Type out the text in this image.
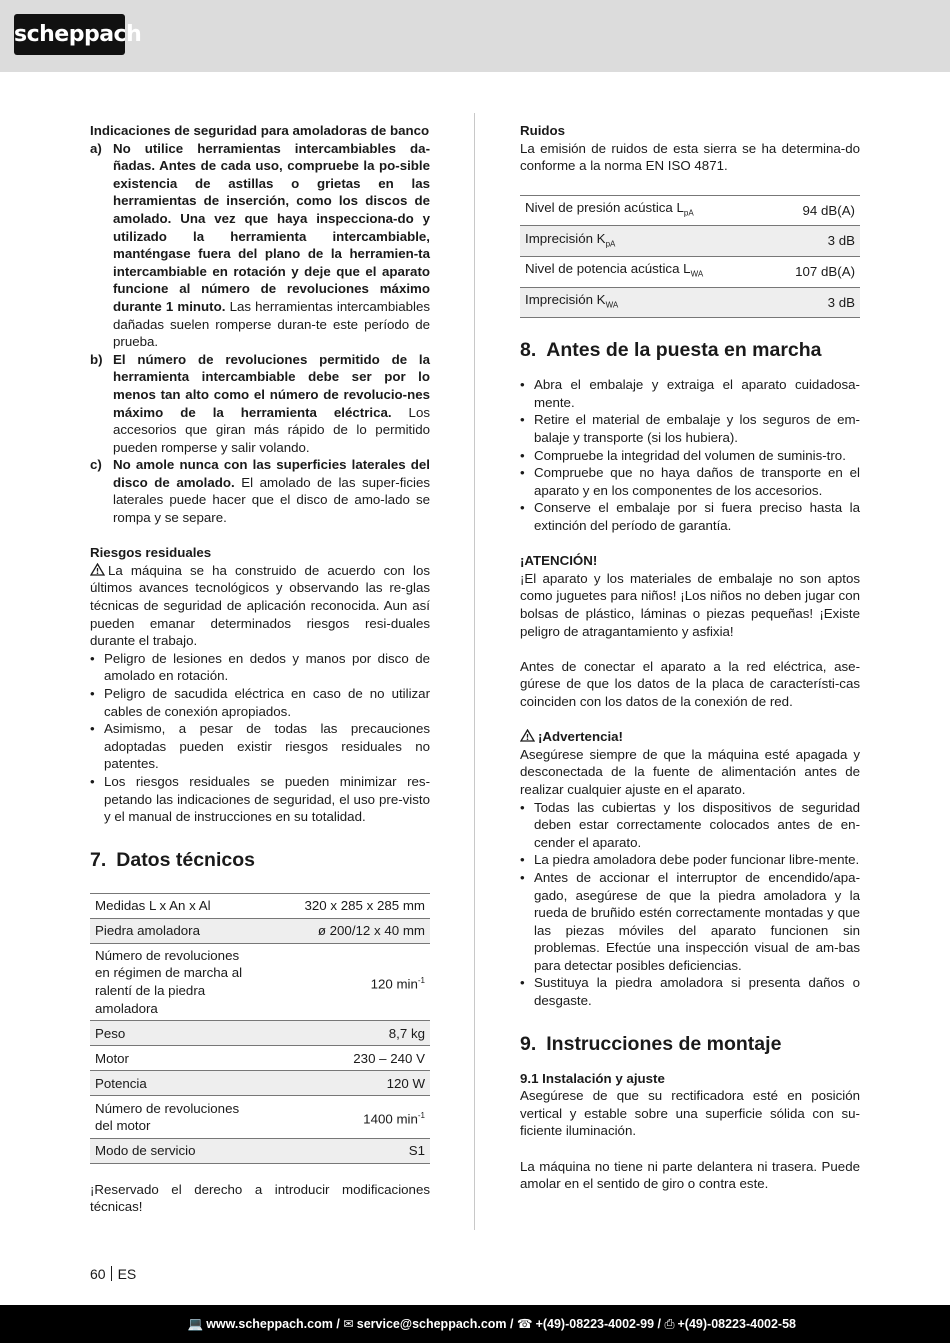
scheppach

Indicaciones de seguridad para amoladoras de banco

a) No utilice herramientas intercambiables da-ñadas. Antes de cada uso, compruebe la po-sible existencia de astillas o grietas en las herramientas de inserción, como los discos de amolado. Una vez que haya inspecciona-do y utilizado la herramienta intercambiable, manténgase fuera del plano de la herramien-ta intercambiable en rotación y deje que el aparato funcione al número de revoluciones máximo durante 1 minuto. Las herramientas intercambiables dañadas suelen romperse duran-te este período de prueba.
b) El número de revoluciones permitido de la herramienta intercambiable debe ser por lo menos tan alto como el número de revolucio-nes máximo de la herramienta eléctrica. Los accesorios que giran más rápido de lo permitido pueden romperse y salir volando.
c) No amole nunca con las superficies laterales del disco de amolado. El amolado de las super-ficies laterales puede hacer que el disco de amo-lado se rompa y se separe.

Riesgos residuales

La máquina se ha construido de acuerdo con los últimos avances tecnológicos y observando las re-glas técnicas de seguridad de aplicación reconocida. Aun así pueden emanar determinados riesgos resi-duales durante el trabajo.

• Peligro de lesiones en dedos y manos por disco de amolado en rotación.
• Peligro de sacudida eléctrica en caso de no utilizar cables de conexión apropiados.
• Asimismo, a pesar de todas las precauciones adoptadas pueden existir riesgos residuales no patentes.
• Los riesgos residuales se pueden minimizar res-petando las indicaciones de seguridad, el uso pre-visto y el manual de instrucciones en su totalidad.
7. Datos técnicos
Medidas L x An x Al	320 x 285 x 285 mm
Piedra amoladora	ø 200/12 x 40 mm
Número de revoluciones en régimen de marcha al ralentí de la piedra amoladora	120 $\min^{-1}$
Peso	8,7 kg
Motor	230 – 240 V
Potencia	120 W
Número de revoluciones del motor	1400 $\min^{-1}$
Modo de servicio	S1

¡Reservado el derecho a introducir modificaciones técnicas!

Ruidos

La emisión de ruidos de esta sierra se ha determina-do conforme a la norma EN ISO 4871.

Nivel de presión acústica $L_{pA}$	94 dB(A)
Imprecisión $K_{pA}$	3 dB
Nivel de potencia acústica $L_{WA}$	107 dB(A)
Imprecisión $K_{WA}$	3 dB
8. Antes de la puesta en marcha
• Abra el embalaje y extraiga el aparato cuidadosa-mente.
• Retire el material de embalaje y los seguros de em-balaje y transporte (si los hubiera).
• Compruebe la integridad del volumen de suminis-tro.
• Compruebe que no haya daños de transporte en el aparato y en los componentes de los accesorios.
• Conserve el embalaje por si fuera preciso hasta la extinción del período de garantía.

¡ATENCIÓN!

¡El aparato y los materiales de embalaje no son aptos como juguetes para niños! ¡Los niños no deben jugar con bolsas de plástico, láminas o piezas pequeñas! ¡Existe peligro de atragantamiento y asfixia!

Antes de conectar el aparato a la red eléctrica, ase-gúrese de que los datos de la placa de característi-cas coinciden con los datos de la conexión de red.

¡Advertencia!

Asegúrese siempre de que la máquina esté apagada y desconectada de la fuente de alimentación antes de realizar cualquier ajuste en el aparato.

• Todas las cubiertas y los dispositivos de seguridad deben estar correctamente colocados antes de en-cender el aparato.
• La piedra amoladora debe poder funcionar libre-mente.
• Antes de accionar el interruptor de encendido/apa-gado, asegúrese de que la piedra amoladora y la rueda de bruñido estén correctamente montadas y que las piezas móviles del aparato funcionen sin problemas. Efectúe una inspección visual de am-bas para detectar posibles deficiencias.
• Sustituya la piedra amoladora si presenta daños o desgaste.
9. Instrucciones de montaje

9.1 Instalación y ajuste

Asegúrese de que su rectificadora esté en posición vertical y estable sobre una superficie sólida con su-ficiente iluminación.

La máquina no tiene ni parte delantera ni trasera. Puede amolar en el sentido de giro o contra este.

60 ES
💻 www.scheppach.com / ✉ service@scheppach.com / ☎ +(49)-08223-4002-99 / ⎙ +(49)-08223-4002-58
